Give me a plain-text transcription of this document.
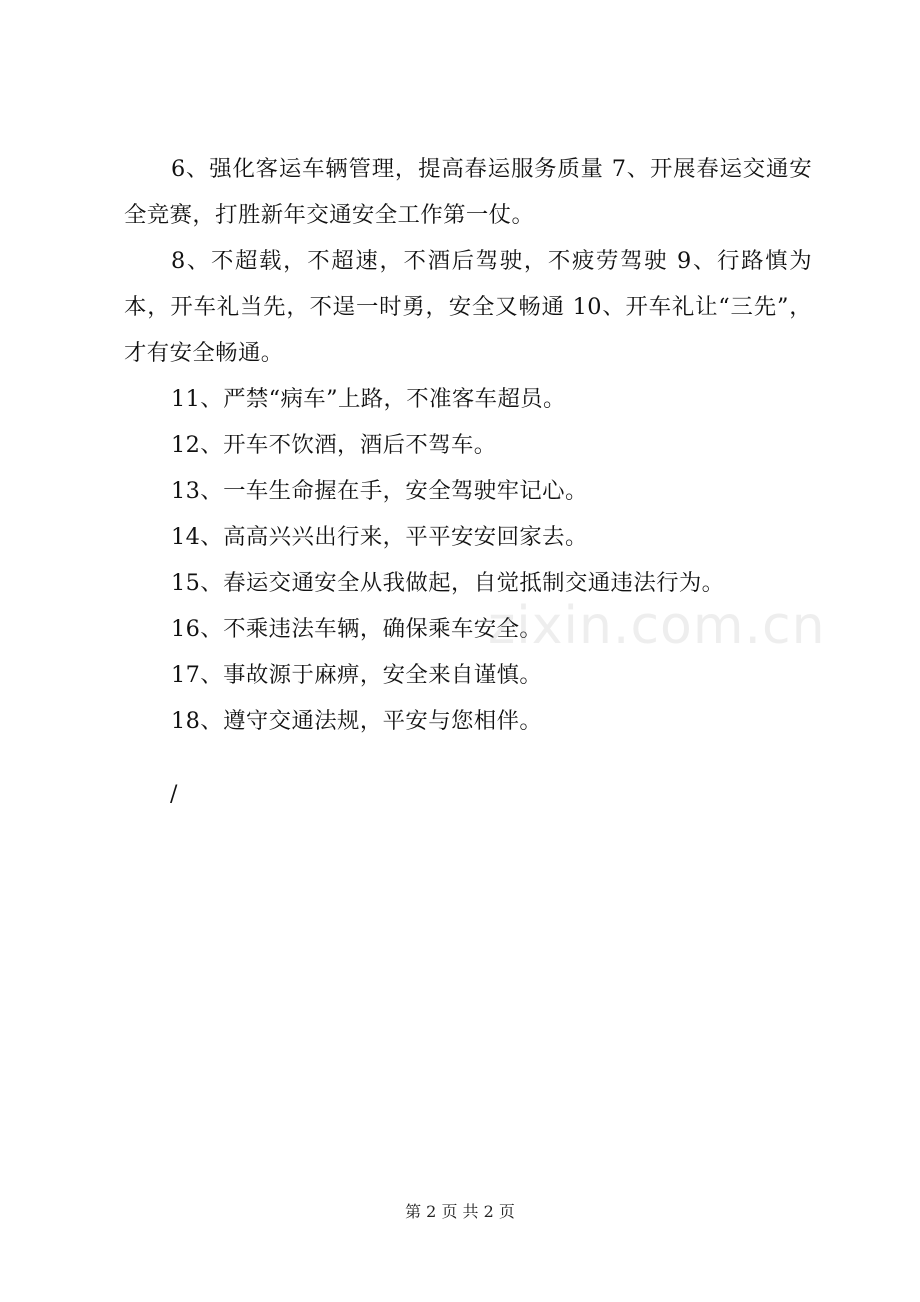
6、强化客运车辆管理，提高春运服务质量 7、开展春运交通安全竞赛，打胜新年交通安全工作第一仗。

8、不超载，不超速，不酒后驾驶，不疲劳驾驶 9、行路慎为本，开车礼当先，不逞一时勇，安全又畅通 10、开车礼让“三先”，才有安全畅通。

11、严禁“病车”上路，不准客车超员。

12、开车不饮酒，酒后不驾车。

13、一车生命握在手，安全驾驶牢记心。

14、高高兴兴出行来，平平安安回家去。

15、春运交通安全从我做起，自觉抵制交通违法行为。

16、不乘违法车辆，确保乘车安全。

17、事故源于麻痹，安全来自谨慎。

18、遵守交通法规，平安与您相伴。

/
zixin.com.cn
第 2 页 共 2 页
